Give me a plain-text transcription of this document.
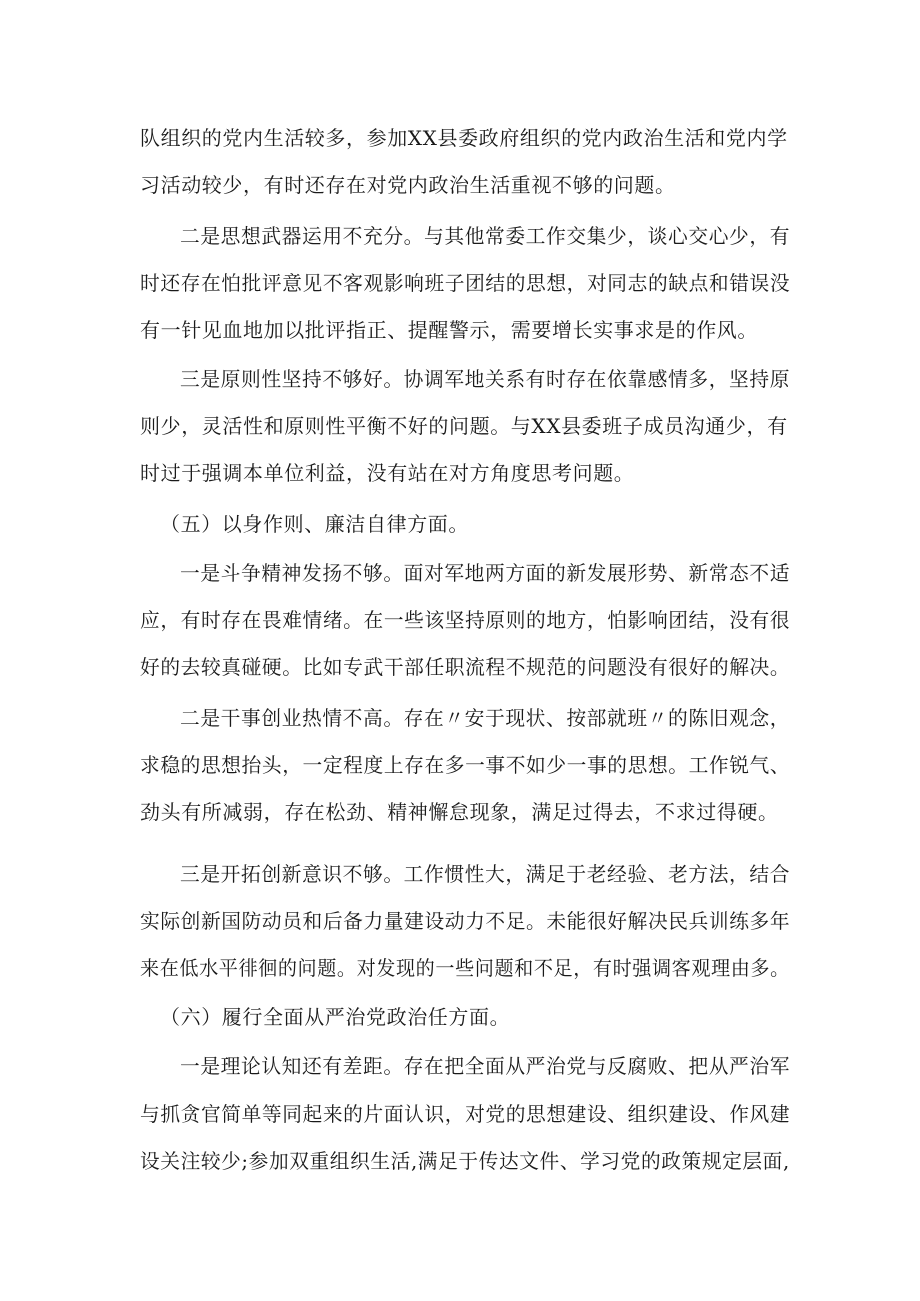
队组织的党内生活较多，参加XX县委政府组织的党内政治生活和党内学
习活动较少，有时还存在对党内政治生活重视不够的问题。
二是思想武器运用不充分。与其他常委工作交集少，谈心交心少，有
时还存在怕批评意见不客观影响班子团结的思想，对同志的缺点和错误没
有一针见血地加以批评指正、提醒警示，需要增长实事求是的作风。
三是原则性坚持不够好。协调军地关系有时存在依靠感情多，坚持原
则少，灵活性和原则性平衡不好的问题。与XX县委班子成员沟通少，有
时过于强调本单位利益，没有站在对方角度思考问题。
（五）以身作则、廉洁自律方面。
一是斗争精神发扬不够。面对军地两方面的新发展形势、新常态不适
应，有时存在畏难情绪。在一些该坚持原则的地方，怕影响团结，没有很
好的去较真碰硬。比如专武干部任职流程不规范的问题没有很好的解决。
二是干事创业热情不高。存在〃安于现状、按部就班〃的陈旧观念，
求稳的思想抬头，一定程度上存在多一事不如少一事的思想。工作锐气、
劲头有所减弱，存在松劲、精神懈怠现象，满足过得去，不求过得硬。
三是开拓创新意识不够。工作惯性大，满足于老经验、老方法，结合
实际创新国防动员和后备力量建设动力不足。未能很好解决民兵训练多年
来在低水平徘徊的问题。对发现的一些问题和不足，有时强调客观理由多。
（六）履行全面从严治党政治任方面。
一是理论认知还有差距。存在把全面从严治党与反腐败、把从严治军
与抓贪官简单等同起来的片面认识，对党的思想建设、组织建设、作风建
设关注较少;参加双重组织生活,满足于传达文件、学习党的政策规定层面,
